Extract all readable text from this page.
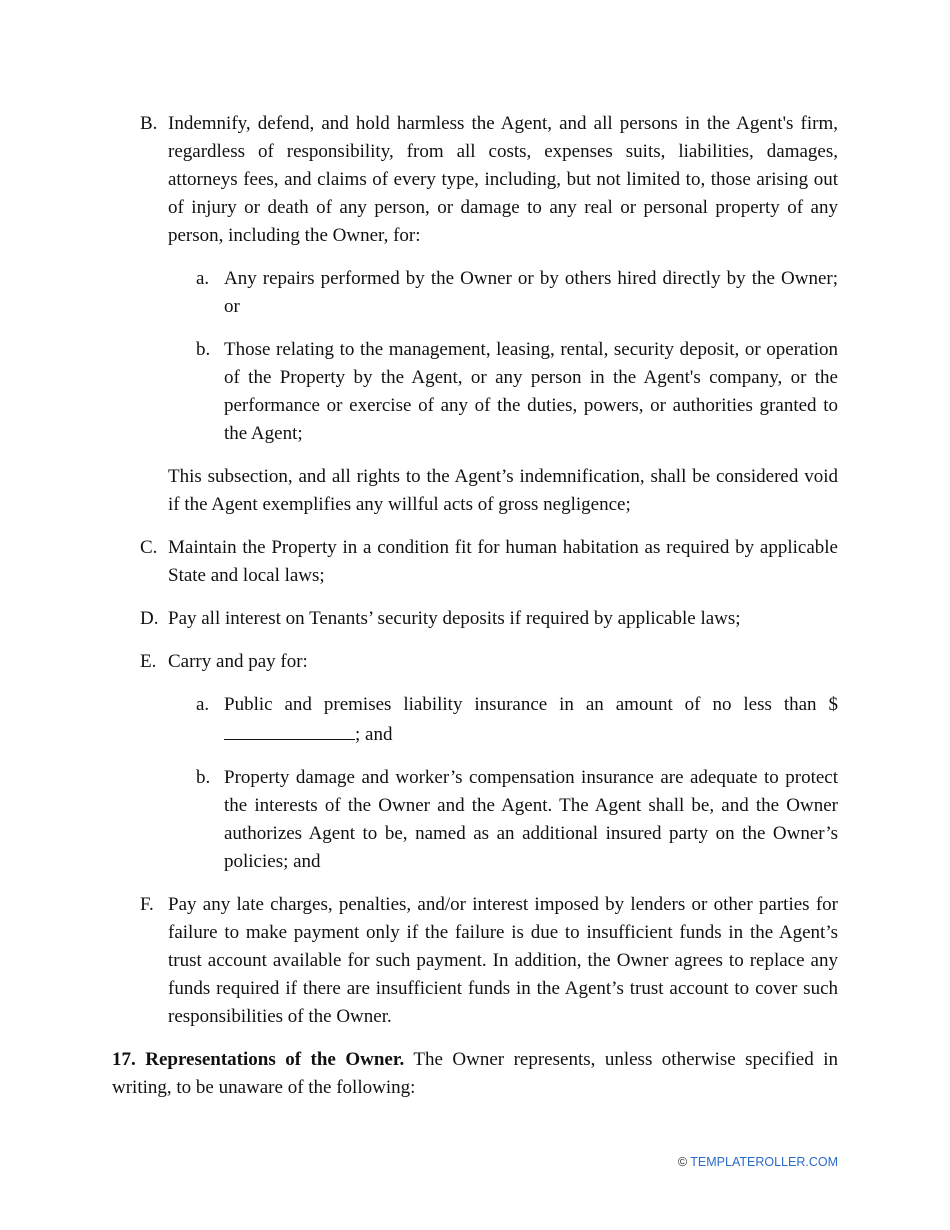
B. Indemnify, defend, and hold harmless the Agent, and all persons in the Agent's firm, regardless of responsibility, from all costs, expenses suits, liabilities, damages, attorneys fees, and claims of every type, including, but not limited to, those arising out of injury or death of any person, or damage to any real or personal property of any person, including the Owner, for:

a. Any repairs performed by the Owner or by others hired directly by the Owner; or

b. Those relating to the management, leasing, rental, security deposit, or operation of the Property by the Agent, or any person in the Agent's company, or the performance or exercise of any of the duties, powers, or authorities granted to the Agent;

This subsection, and all rights to the Agent’s indemnification, shall be considered void if the Agent exemplifies any willful acts of gross negligence;

C. Maintain the Property in a condition fit for human habitation as required by applicable State and local laws;

D. Pay all interest on Tenants’ security deposits if required by applicable laws;

E. Carry and pay for:

a. Public and premises liability insurance in an amount of no less than $; and

b. Property damage and worker’s compensation insurance are adequate to protect the interests of the Owner and the Agent. The Agent shall be, and the Owner authorizes Agent to be, named as an additional insured party on the Owner’s policies; and

F. Pay any late charges, penalties, and/or interest imposed by lenders or other parties for failure to make payment only if the failure is due to insufficient funds in the Agent’s trust account available for such payment. In addition, the Owner agrees to replace any funds required if there are insufficient funds in the Agent’s trust account to cover such responsibilities of the Owner.

17. Representations of the Owner. The Owner represents, unless otherwise specified in writing, to be unaware of the following:

© TEMPLATEROLLER.COM
